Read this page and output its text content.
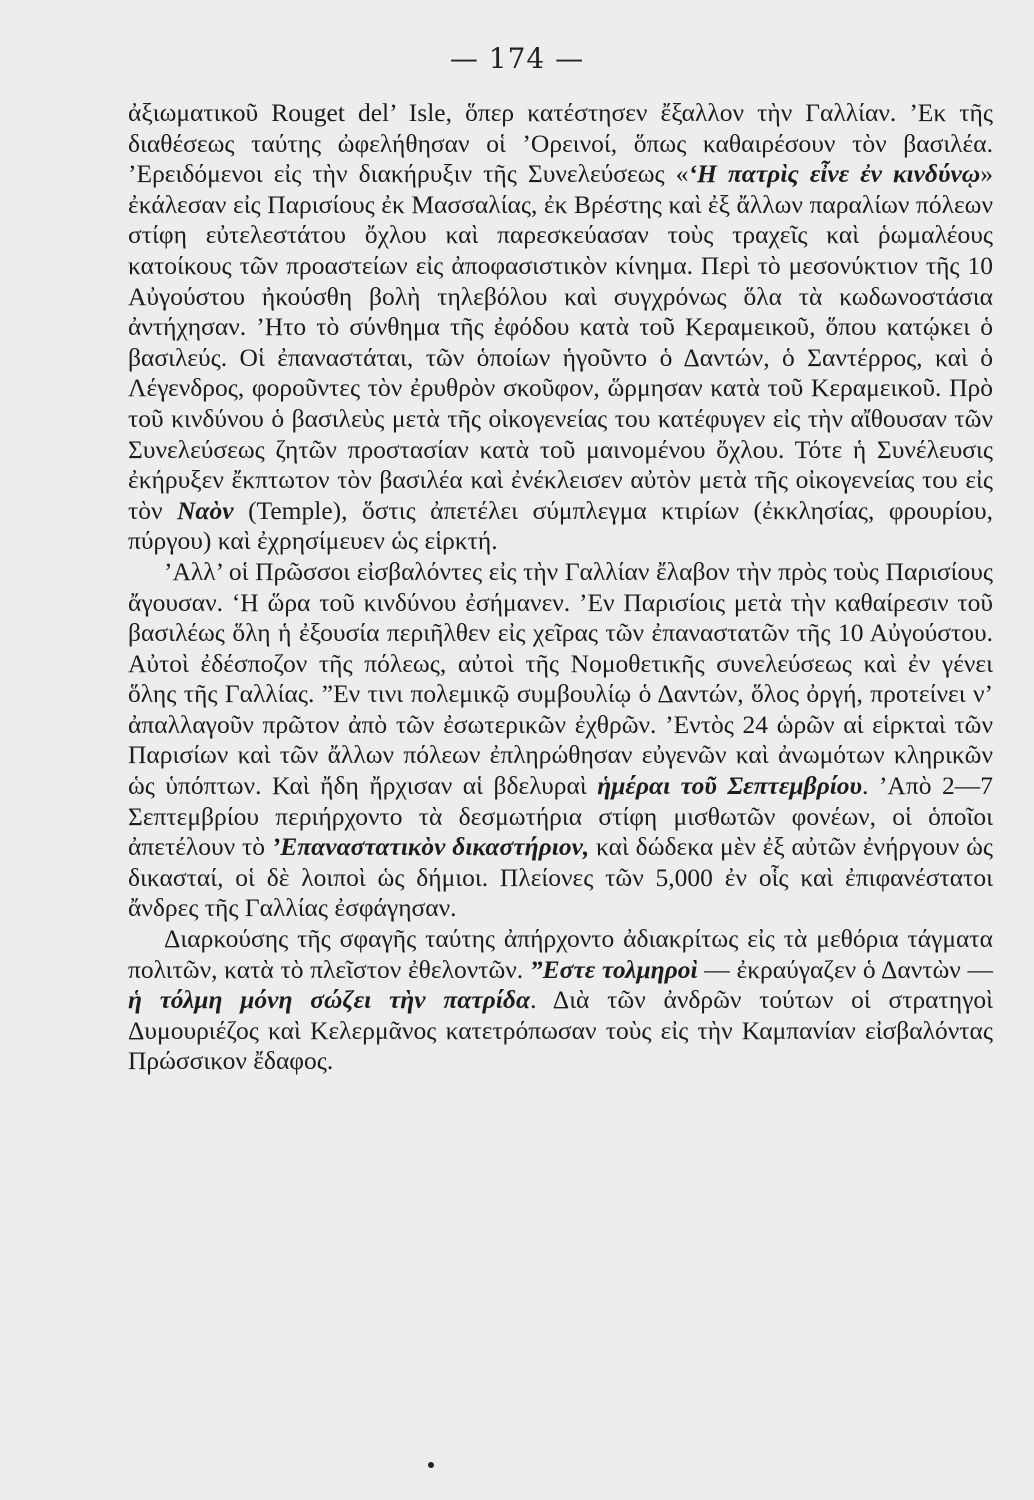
— 174 —

ἀξιωματικοῦ Rouget del’ Isle, ὅπερ κατέστησεν ἔξαλλον τὴν Γαλλίαν. ’Εκ τῆς διαθέσεως ταύτης ὠφελήθησαν οἱ ’Ορεινοί, ὅπως καθαιρέσουν τὸν βασιλέα. ’Ερειδόμενοι εἰς τὴν διακήρυξιν τῆς Συνελεύσεως «‘Η πατρὶς εἶνε ἐν κινδύνῳ» ἐκάλεσαν εἰς Παρισίους ἐκ Μασσαλίας, ἐκ Βρέστης καὶ ἐξ ἄλλων παραλίων πόλεων στίφη εὐτελεστάτου ὄχλου καὶ παρεσκεύασαν τοὺς τραχεῖς καὶ ῥωμαλέους κατοίκους τῶν προαστείων εἰς ἀποφασιστικὸν κίνημα. Περὶ τὸ μεσονύκτιον τῆς 10 Αὐγούστου ἠκούσθη βολὴ τηλεβόλου καὶ συγχρόνως ὅλα τὰ κωδωνοστάσια ἀντήχησαν. ’Ητο τὸ σύνθημα τῆς ἐφόδου κατὰ τοῦ Κεραμεικοῦ, ὅπου κατῴκει ὁ βασιλεύς. Οἱ ἐπαναστάται, τῶν ὁποίων ἡγοῦντο ὁ Δαντών, ὁ Σαντέρρος, καὶ ὁ Λέγενδρος, φοροῦντες τὸν ἐρυθρὸν σκοῦφον, ὥρμησαν κατὰ τοῦ Κεραμεικοῦ. Πρὸ τοῦ κινδύνου ὁ βασιλεὺς μετὰ τῆς οἰκογενείας του κατέφυγεν εἰς τὴν αἴθουσαν τῶν Συνελεύσεως ζητῶν προστασίαν κατὰ τοῦ μαινομένου ὄχλου. Τότε ἡ Συνέλευσις ἐκήρυξεν ἔκπτωτον τὸν βασιλέα καὶ ἐνέκλεισεν αὐτὸν μετὰ τῆς οἰκογενείας του εἰς τὸν Ναὸν (Temple), ὅστις ἀπετέλει σύμπλεγμα κτιρίων (ἐκκλησίας, φρουρίου, πύργου) καὶ ἐχρησίμευεν ὡς εἱρκτή.

’Αλλ’ οἱ Πρῶσσοι εἰσβαλόντες εἰς τὴν Γαλλίαν ἔλαβον τὴν πρὸς τοὺς Παρισίους ἄγουσαν. ‘Η ὥρα τοῦ κινδύνου ἐσήμανεν. ’Εν Παρισίοις μετὰ τὴν καθαίρεσιν τοῦ βασιλέως ὅλη ἡ ἐξουσία περιῆλθεν εἰς χεῖρας τῶν ἐπαναστατῶν τῆς 10 Αὐγούστου. Αὐτοὶ ἐδέσποζον τῆς πόλεως, αὐτοὶ τῆς Νομοθετικῆς συνελεύσεως καὶ ἐν γένει ὅλης τῆς Γαλλίας. ”Εν τινι πολεμικῷ συμβουλίῳ ὁ Δαντών, ὅλος ὀργή, προτείνει ν’ ἀπαλλαγοῦν πρῶτον ἀπὸ τῶν ἐσωτερικῶν ἐχθρῶν. ’Εντὸς 24 ὡρῶν αἱ εἱρκταὶ τῶν Παρισίων καὶ τῶν ἄλλων πόλεων ἐπληρώθησαν εὐγενῶν καὶ ἀνωμότων κληρικῶν ὡς ὑπόπτων. Καὶ ἤδη ἤρχισαν αἱ βδελυραὶ ἡμέραι τοῦ Σεπτεμβρίου. ’Απὸ 2—7 Σεπτεμβρίου περιήρχοντο τὰ δεσμωτήρια στίφη μισθωτῶν φονέων, οἱ ὁποῖοι ἀπετέλουν τὸ ’Επαναστατικὸν δικαστήριον, καὶ δώδεκα μὲν ἐξ αὐτῶν ἐνήργουν ὡς δικασταί, οἱ δὲ λοιποὶ ὡς δήμιοι. Πλείονες τῶν 5,000 ἐν οἷς καὶ ἐπιφανέστατοι ἄνδρες τῆς Γαλλίας ἐσφάγησαν.

Διαρκούσης τῆς σφαγῆς ταύτης ἀπήρχοντο ἀδιακρίτως εἰς τὰ μεθόρια τάγματα πολιτῶν, κατὰ τὸ πλεῖστον ἐθελοντῶν. ”Εστε τολμηροὶ — ἐκραύγαζεν ὁ Δαντὼν — ἡ τόλμη μόνη σώζει τὴν πατρίδα. Διὰ τῶν ἀνδρῶν τούτων οἱ στρατηγοὶ Δυμουριέζος καὶ Κελερμᾶνος κατετρόπωσαν τοὺς εἰς τὴν Καμπανίαν εἰσβαλόντας Πρώσσικον ἔδαφος.
